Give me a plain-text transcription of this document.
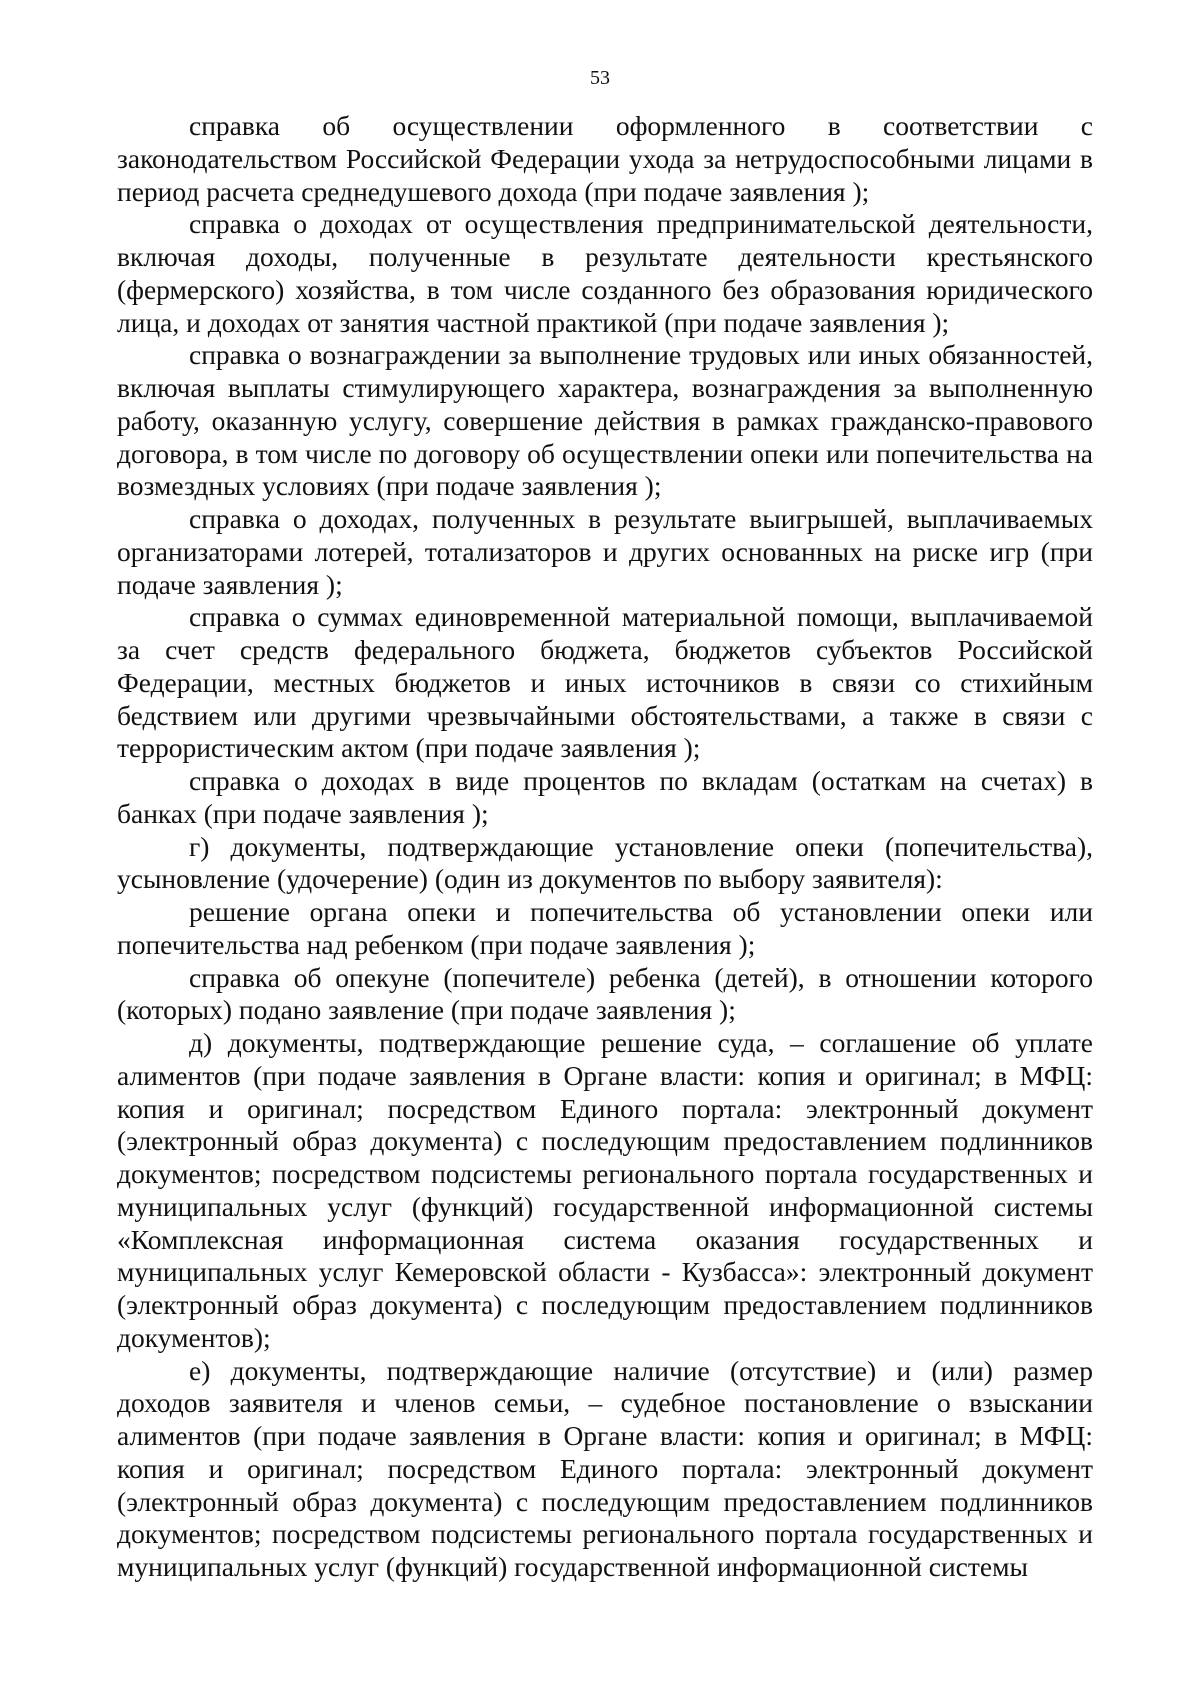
53

справка об осуществлении оформленного в соответствии с законодательством Российской Федерации ухода за нетрудоспособными лицами в период расчета среднедушевого дохода (при подаче заявления );

справка о доходах от осуществления предпринимательской деятельности, включая доходы, полученные в результате деятельности крестьянского (фермерского) хозяйства, в том числе созданного без образования юридического лица, и доходах от занятия частной практикой (при подаче заявления );

справка о вознаграждении за выполнение трудовых или иных обязанностей, включая выплаты стимулирующего характера, вознаграждения за выполненную работу, оказанную услугу, совершение действия в рамках гражданско-правового договора, в том числе по договору об осуществлении опеки или попечительства на возмездных условиях (при подаче заявления );

справка о доходах, полученных в результате выигрышей, выплачиваемых организаторами лотерей, тотализаторов и других основанных на риске игр (при подаче заявления );

справка о суммах единовременной материальной помощи, выплачиваемой за счет средств федерального бюджета, бюджетов субъектов Российской Федерации, местных бюджетов и иных источников в связи со стихийным бедствием или другими чрезвычайными обстоятельствами, а также в связи с террористическим актом (при подаче заявления );

справка о доходах в виде процентов по вкладам (остаткам на счетах) в банках (при подаче заявления );

г) документы, подтверждающие установление опеки (попечительства), усыновление (удочерение) (один из документов по выбору заявителя):

решение органа опеки и попечительства об установлении опеки или попечительства над ребенком (при подаче заявления );

справка об опекуне (попечителе) ребенка (детей), в отношении которого (которых) подано заявление (при подаче заявления );

д) документы, подтверждающие решение суда, – соглашение об уплате алиментов (при подаче заявления в Органе власти: копия и оригинал; в МФЦ: копия и оригинал; посредством Единого портала: электронный документ (электронный образ документа) с последующим предоставлением подлинников документов; посредством подсистемы регионального портала государственных и муниципальных услуг (функций) государственной информационной системы «Комплексная информационная система оказания государственных и муниципальных услуг Кемеровской области - Кузбасса»: электронный документ (электронный образ документа) с последующим предоставлением подлинников документов);

е) документы, подтверждающие наличие (отсутствие) и (или) размер доходов заявителя и членов семьи, – судебное постановление о взыскании алиментов (при подаче заявления в Органе власти: копия и оригинал; в МФЦ: копия и оригинал; посредством Единого портала: электронный документ (электронный образ документа) с последующим предоставлением подлинников документов; посредством подсистемы регионального портала государственных и муниципальных услуг (функций) государственной информационной системы
